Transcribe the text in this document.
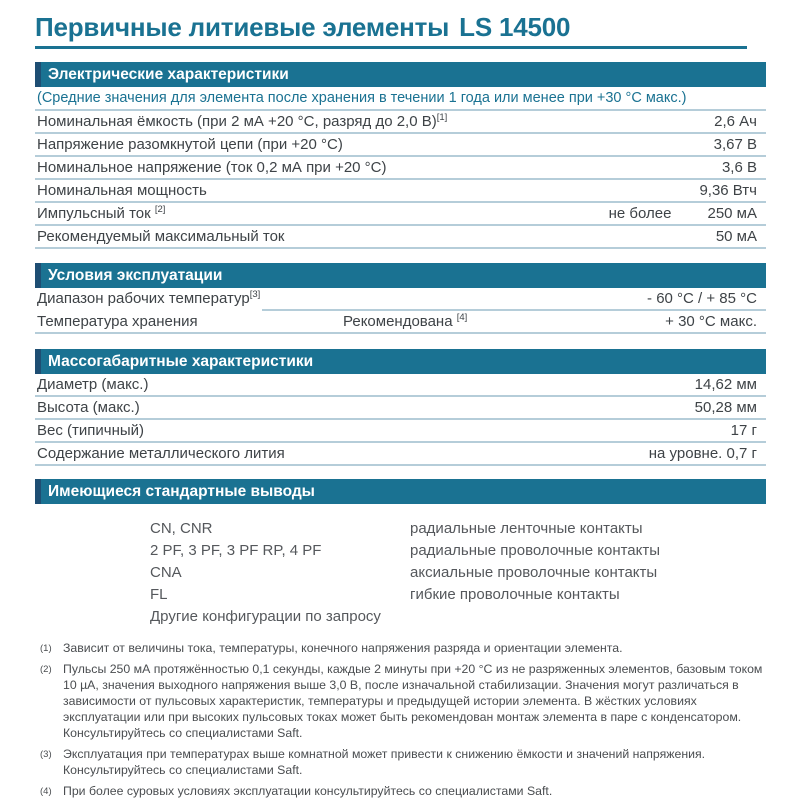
Первичные литиевые элементы LS 14500
Электрические характеристики
(Средние значения для элемента после хранения в течении 1 года или менее при +30 °С макс.)
Номинальная ёмкость (при 2 мА +20 °С, разряд до 2,0 В)[1]	2,6 Ач
Напряжение разомкнутой цепи (при +20 °С)	3,67 В
Номинальное напряжение (ток 0,2 мА при +20 °С)	3,6 В
Номинальная мощность	9,36 Втч
Импульсный ток [2]	не более 250 мА
Рекомендуемый максимальный ток	50 мА
Условия эксплуатации
Диапазон рабочих температур[3]	- 60 °С / + 85 °С
Температура хранения	Рекомендована [4]	+ 30 °С макс.
Массогабаритные характеристики
Диаметр (макс.)	14,62 мм
Высота (макс.)	50,28 мм
Вес (типичный)	17 г
Содержание металлического лития	на уровне. 0,7 г
Имеющиеся стандартные выводы
CN, CNR	радиальные ленточные контакты
2 PF, 3 PF, 3 PF RP, 4 PF	радиальные проволочные контакты
CNA	аксиальные проволочные контакты
FL	гибкие проволочные контакты
Другие конфигурации по запросу
(1) Зависит от величины тока, температуры, конечного напряжения разряда и ориентации элемента.
(2) Пульсы 250 мА протяжённостью 0,1 секунды, каждые 2 минуты при +20 °С из не разряженных элементов, базовым током 10 µА, значения выходного напряжения выше 3,0 В, после изначальной стабилизации. Значения могут различаться в зависимости от пульсовых характеристик, температуры и предыдущей истории элемента. В жёстких условиях эксплуатации или при высоких пульсовых токах может быть рекомендован монтаж элемента в паре с конденсатором. Консультируйтесь со специалистами Saft.
(3) Эксплуатация при температурах выше комнатной может привести к снижению ёмкости и значений напряжения. Консультируйтесь со специалистами Saft.
(4) При более суровых условиях эксплуатации консультируйтесь со специалистами Saft.
